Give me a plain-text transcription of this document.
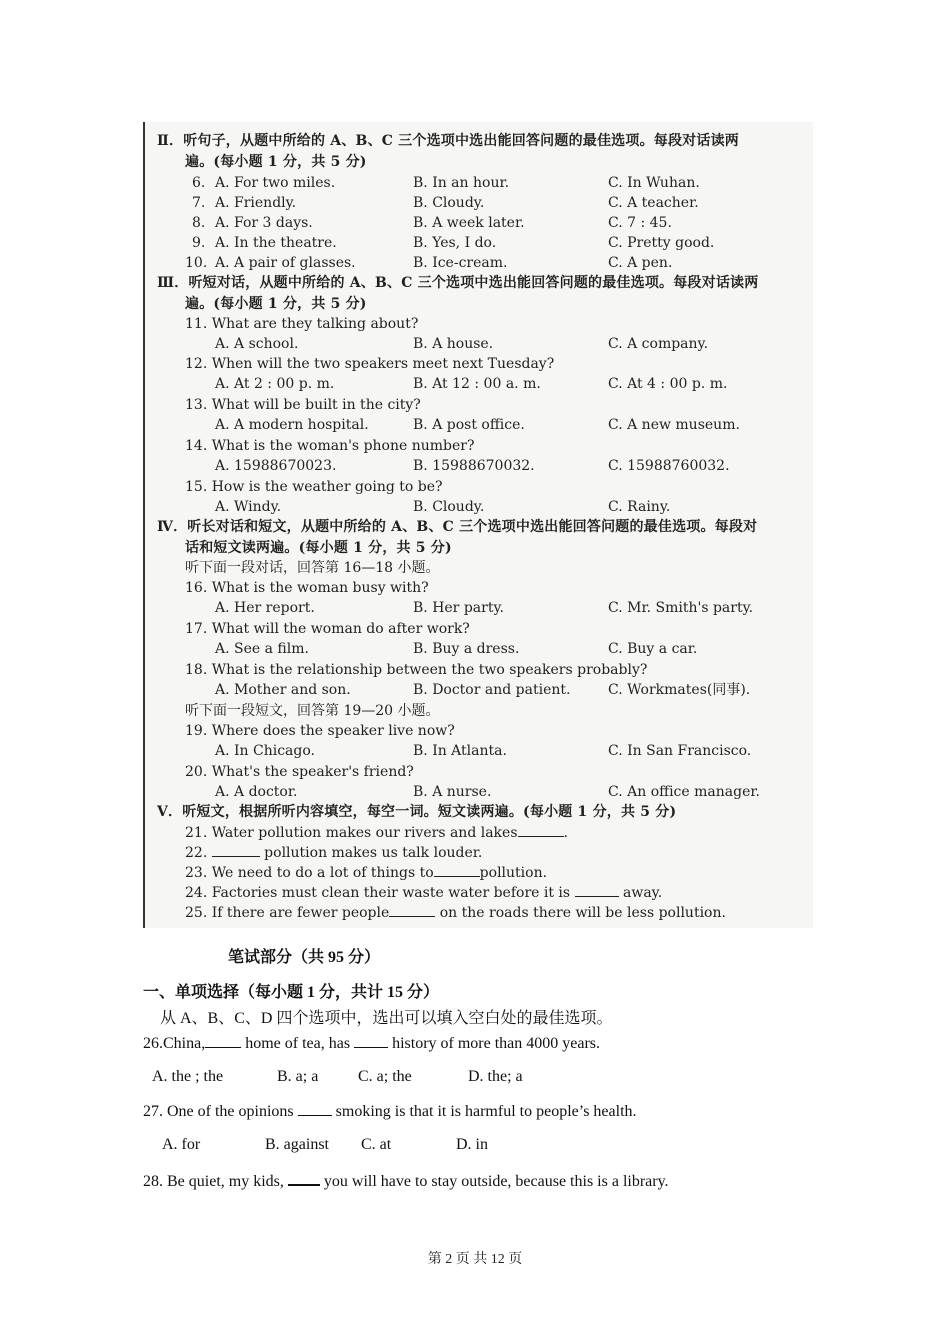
Ⅱ．听句子，从题中所给的 A、B、C 三个选项中选出能回答问题的最佳选项。每段对话读两
遍。(每小题 1 分，共 5 分)
6. A. For two miles.	B. In an hour.	C. In Wuhan.
7. A. Friendly.	B. Cloudy.	C. A teacher.
8. A. For 3 days.	B. A week later.	C. 7 : 45.
9. A. In the theatre.	B. Yes, I do.	C. Pretty good.
10. A. A pair of glasses.	B. Ice-cream.	C. A pen.
Ⅲ．听短对话，从题中所给的 A、B、C 三个选项中选出能回答问题的最佳选项。每段对话读两
遍。(每小题 1 分，共 5 分)
11. What are they talking about?
A. A school.	B. A house.	C. A company.
12. When will the two speakers meet next Tuesday?
A. At 2 : 00 p. m.	B. At 12 : 00 a. m.	C. At 4 : 00 p. m.
13. What will be built in the city?
A. A modern hospital.	B. A post office.	C. A new museum.
14. What is the woman's phone number?
A. 15988670023.	B. 15988670032.	C. 15988760032.
15. How is the weather going to be?
A. Windy.	B. Cloudy.	C. Rainy.
Ⅳ．听长对话和短文，从题中所给的 A、B、C 三个选项中选出能回答问题的最佳选项。每段对
话和短文读两遍。(每小题 1 分，共 5 分)
听下面一段对话，回答第 16—18 小题。
16. What is the woman busy with?
A. Her report.	B. Her party.	C. Mr. Smith's party.
17. What will the woman do after work?
A. See a film.	B. Buy a dress.	C. Buy a car.
18. What is the relationship between the two speakers probably?
A. Mother and son.	B. Doctor and patient.	C. Workmates(同事).
听下面一段短文，回答第 19—20 小题。
19. Where does the speaker live now?
A. In Chicago.	B. In Atlanta.	C. In San Francisco.
20. What's the speaker's friend?
A. A doctor.	B. A nurse.	C. An office manager.
Ⅴ．听短文，根据所听内容填空，每空一词。短文读两遍。(每小题 1 分，共 5 分)
21. Water pollution makes our rivers and lakes	.
22.	pollution makes us talk louder.
23. We need to do a lot of things to	pollution.
24. Factories must clean their waste water before it is	away.
25. If there are fewer people	on the roads there will be less pollution.
笔试部分（共 95 分）
一、单项选择（每小题 1 分，共计 15 分）
从 A、B、C、D 四个选项中，选出可以填入空白处的最佳选项。
26.China,	home of tea, has	history of more than 4000 years.
A. the ; the	B. a; a C. a; the	D. the; a
27. One of the opinions	smoking is that it is harmful to people’s health.
A. for	B. against C. at	D. in
28. Be quiet, my kids,	you will have to stay outside, because this is a library.
第 2 页 共 12 页
